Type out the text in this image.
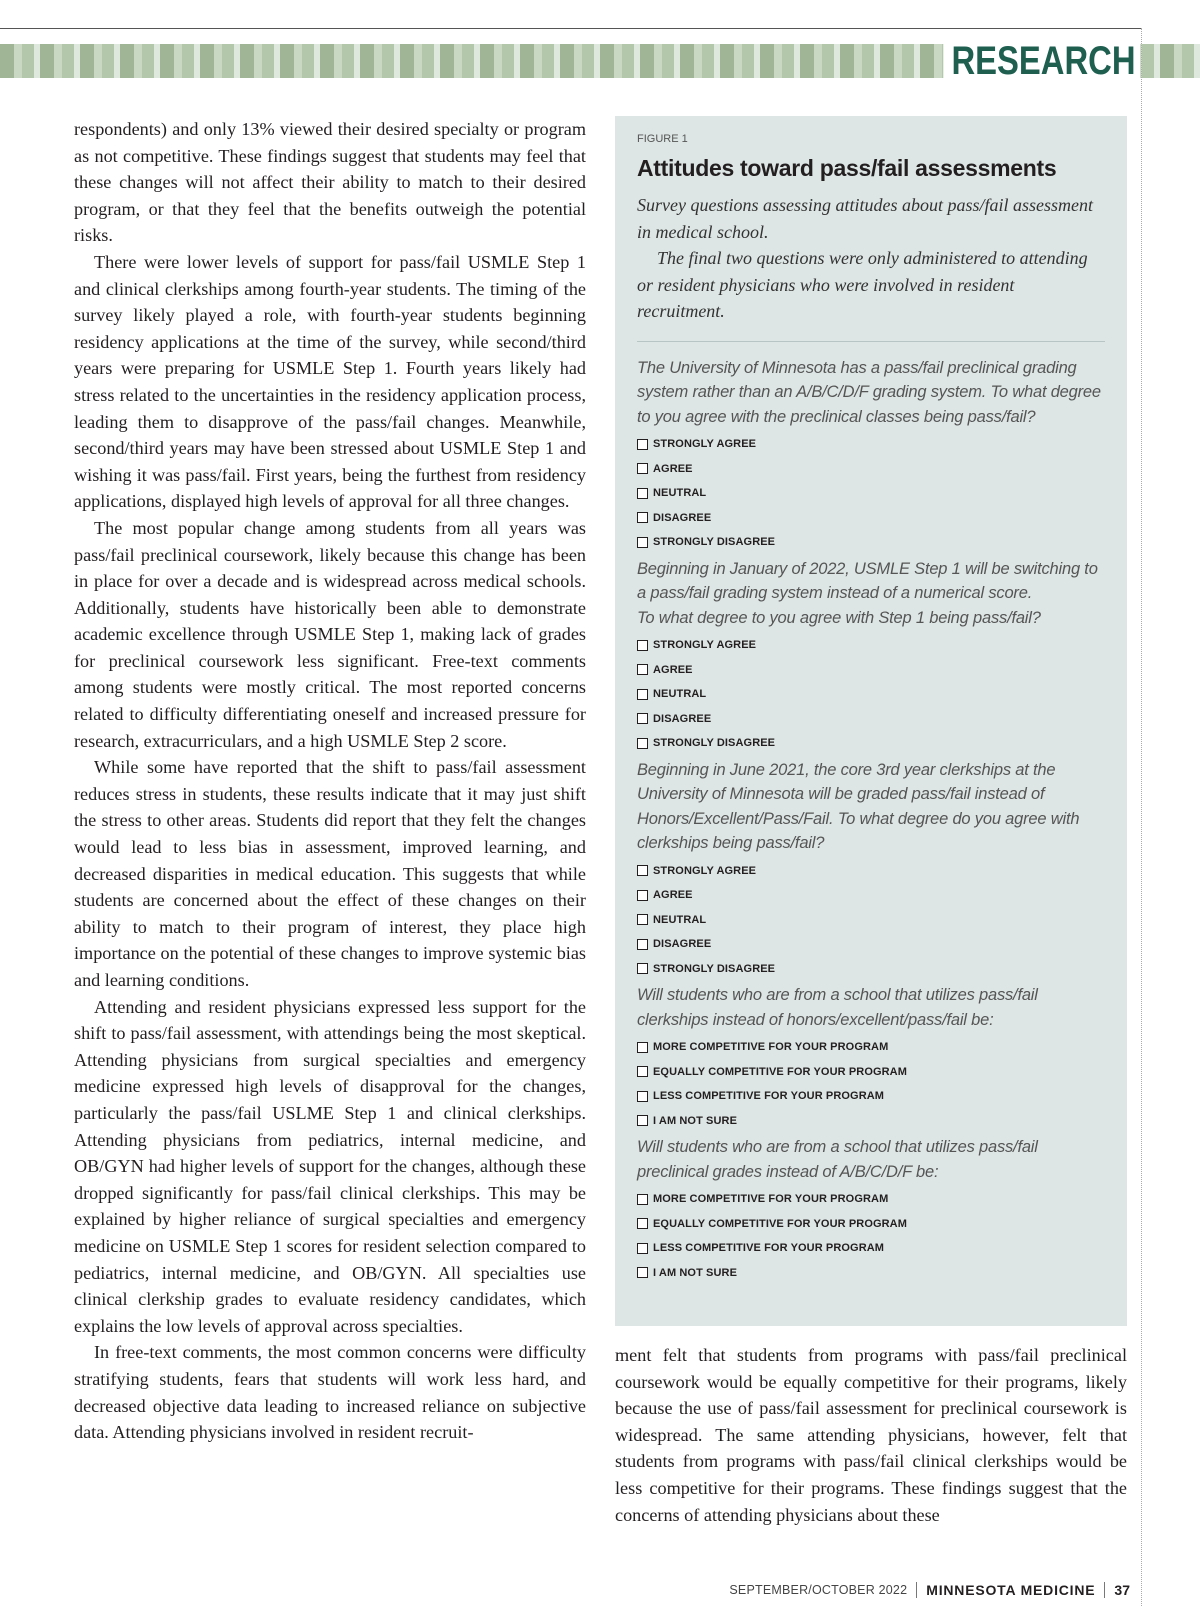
RESEARCH

respondents) and only 13% viewed their desired specialty or program as not competitive. These findings suggest that students may feel that these changes will not affect their ability to match to their desired program, or that they feel that the benefits outweigh the potential risks.

There were lower levels of support for pass/fail USMLE Step 1 and clinical clerkships among fourth-year students. The timing of the survey likely played a role, with fourth-year students beginning residency applications at the time of the survey, while second/third years were preparing for USMLE Step 1. Fourth years likely had stress related to the uncertainties in the residency application process, leading them to disapprove of the pass/fail changes. Meanwhile, second/third years may have been stressed about USMLE Step 1 and wishing it was pass/fail. First years, being the furthest from residency applications, displayed high levels of approval for all three changes.

The most popular change among students from all years was pass/fail preclinical coursework, likely because this change has been in place for over a decade and is widespread across medical schools. Additionally, students have historically been able to demonstrate academic excellence through USMLE Step 1, making lack of grades for preclinical coursework less significant. Free-text comments among students were mostly critical. The most reported concerns related to difficulty differentiating oneself and increased pressure for research, extracurriculars, and a high USMLE Step 2 score.

While some have reported that the shift to pass/fail assessment reduces stress in students, these results indicate that it may just shift the stress to other areas. Students did report that they felt the changes would lead to less bias in assessment, improved learning, and decreased disparities in medical education. This suggests that while students are concerned about the effect of these changes on their ability to match to their program of interest, they place high importance on the potential of these changes to improve systemic bias and learning conditions.

Attending and resident physicians expressed less support for the shift to pass/fail assessment, with attendings being the most skeptical. Attending physicians from surgical specialties and emergency medicine expressed high levels of disapproval for the changes, particularly the pass/fail USLME Step 1 and clinical clerkships. Attending physicians from pediatrics, internal medicine, and OB/GYN had higher levels of support for the changes, although these dropped significantly for pass/fail clinical clerkships. This may be explained by higher reliance of surgical specialties and emergency medicine on USMLE Step 1 scores for resident selection compared to pediatrics, internal medicine, and OB/GYN. All specialties use clinical clerkship grades to evaluate residency candidates, which explains the low levels of approval across specialties.

In free-text comments, the most common concerns were difficulty stratifying students, fears that students will work less hard, and decreased objective data leading to increased reliance on subjective data. Attending physicians involved in resident recruit-

FIGURE 1
Attitudes toward pass/fail assessments

Survey questions assessing attitudes about pass/fail assessment in medical school.

The final two questions were only administered to attending or resident physicians who were involved in resident recruitment.

The University of Minnesota has a pass/fail preclinical grading system rather than an A/B/C/D/F grading system. To what degree to you agree with the preclinical classes being pass/fail?

STRONGLY AGREE
AGREE
NEUTRAL
DISAGREE
STRONGLY DISAGREE

Beginning in January of 2022, USMLE Step 1 will be switching to a pass/fail grading system instead of a numerical score.

To what degree to you agree with Step 1 being pass/fail?

STRONGLY AGREE
AGREE
NEUTRAL
DISAGREE
STRONGLY DISAGREE

Beginning in June 2021, the core 3rd year clerkships at the University of Minnesota will be graded pass/fail instead of Honors/Excellent/Pass/Fail. To what degree do you agree with clerkships being pass/fail?

STRONGLY AGREE
AGREE
NEUTRAL
DISAGREE
STRONGLY DISAGREE

Will students who are from a school that utilizes pass/fail clerkships instead of honors/excellent/pass/fail be:

MORE COMPETITIVE FOR YOUR PROGRAM
EQUALLY COMPETITIVE FOR YOUR PROGRAM
LESS COMPETITIVE FOR YOUR PROGRAM
I AM NOT SURE

Will students who are from a school that utilizes pass/fail preclinical grades instead of A/B/C/D/F be:

MORE COMPETITIVE FOR YOUR PROGRAM
EQUALLY COMPETITIVE FOR YOUR PROGRAM
LESS COMPETITIVE FOR YOUR PROGRAM
I AM NOT SURE

ment felt that students from programs with pass/fail preclinical coursework would be equally competitive for their programs, likely because the use of pass/fail assessment for preclinical coursework is widespread. The same attending physicians, however, felt that students from programs with pass/fail clinical clerkships would be less competitive for their programs. These findings suggest that the concerns of attending physicians about these

SEPTEMBER/OCTOBER 2022 MINNESOTA MEDICINE 37
